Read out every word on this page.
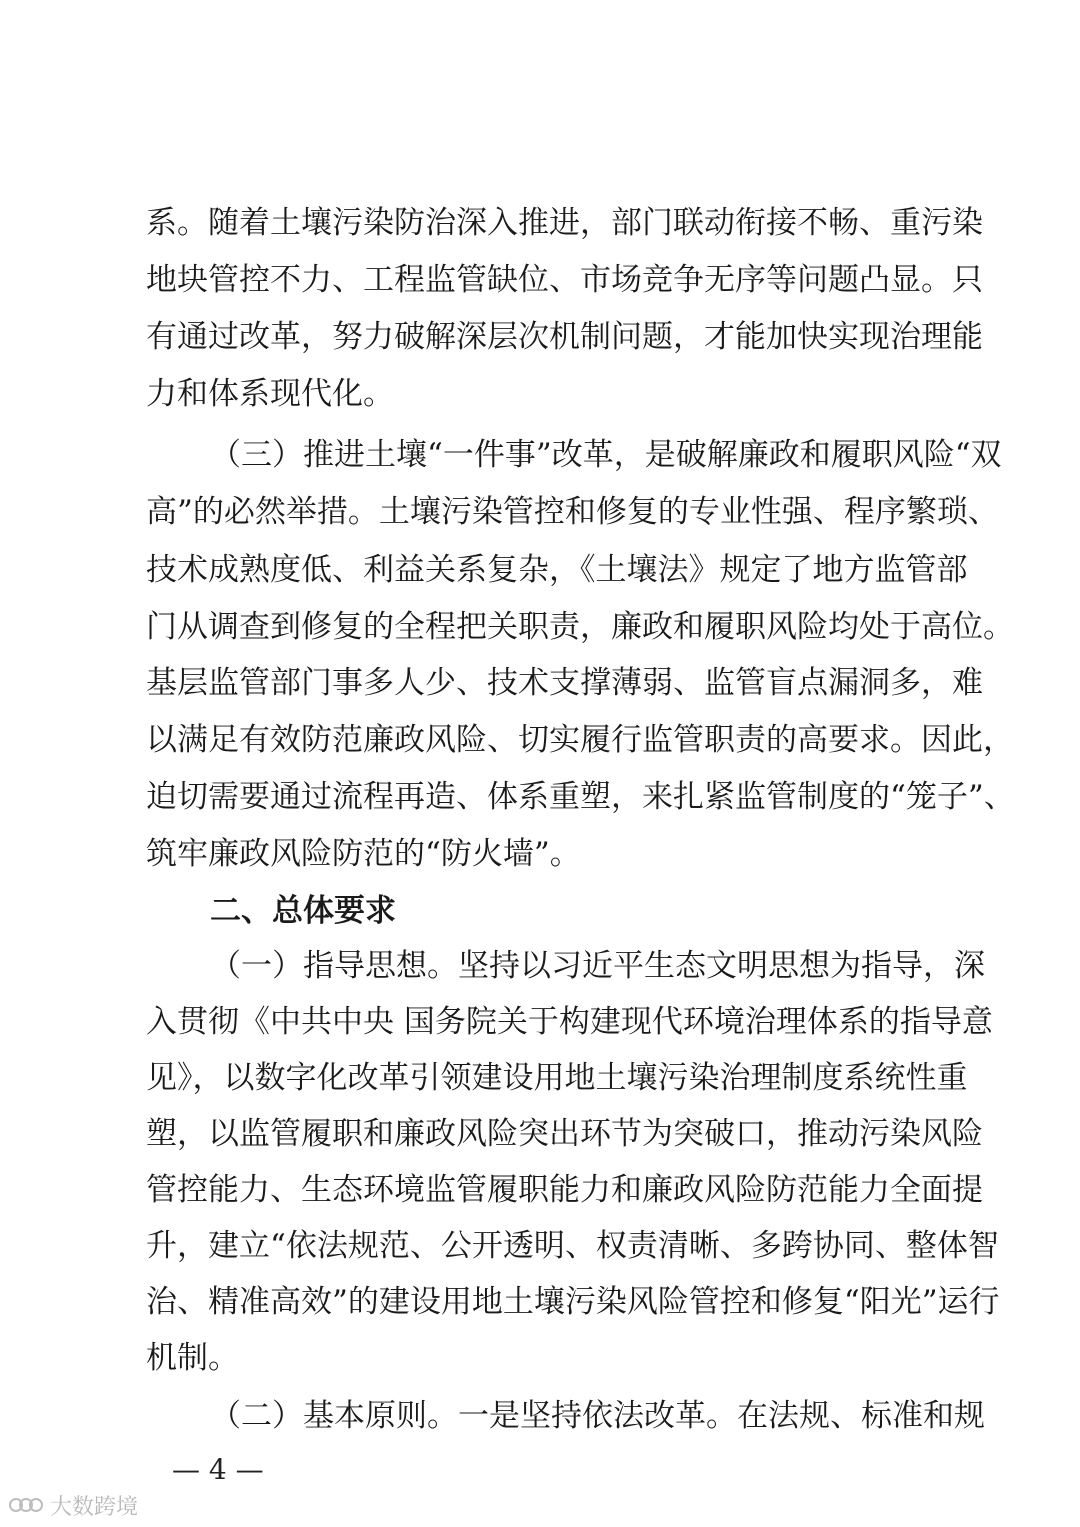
系。随着土壤污染防治深入推进，部门联动衔接不畅、重污染
地块管控不力、工程监管缺位、市场竞争无序等问题凸显。只
有通过改革，努力破解深层次机制问题，才能加快实现治理能
力和体系现代化。
（三）推进土壤“一件事”改革，是破解廉政和履职风险“双
高”的必然举措。土壤污染管控和修复的专业性强、程序繁琐、
技术成熟度低、利益关系复杂，《土壤法》规定了地方监管部
门从调查到修复的全程把关职责，廉政和履职风险均处于高位。
基层监管部门事多人少、技术支撑薄弱、监管盲点漏洞多，难
以满足有效防范廉政风险、切实履行监管职责的高要求。因此，
迫切需要通过流程再造、体系重塑，来扎紧监管制度的“笼子”、
筑牢廉政风险防范的“防火墙”。
二、总体要求
（一）指导思想。坚持以习近平生态文明思想为指导，深
入贯彻《中共中央 国务院关于构建现代环境治理体系的指导意
见》，以数字化改革引领建设用地土壤污染治理制度系统性重
塑，以监管履职和廉政风险突出环节为突破口，推动污染风险
管控能力、生态环境监管履职能力和廉政风险防范能力全面提
升，建立“依法规范、公开透明、权责清晰、多跨协同、整体智
治、精准高效”的建设用地土壤污染风险管控和修复“阳光”运行
机制。
（二）基本原则。一是坚持依法改革。在法规、标准和规
— 4 —
大数跨境
